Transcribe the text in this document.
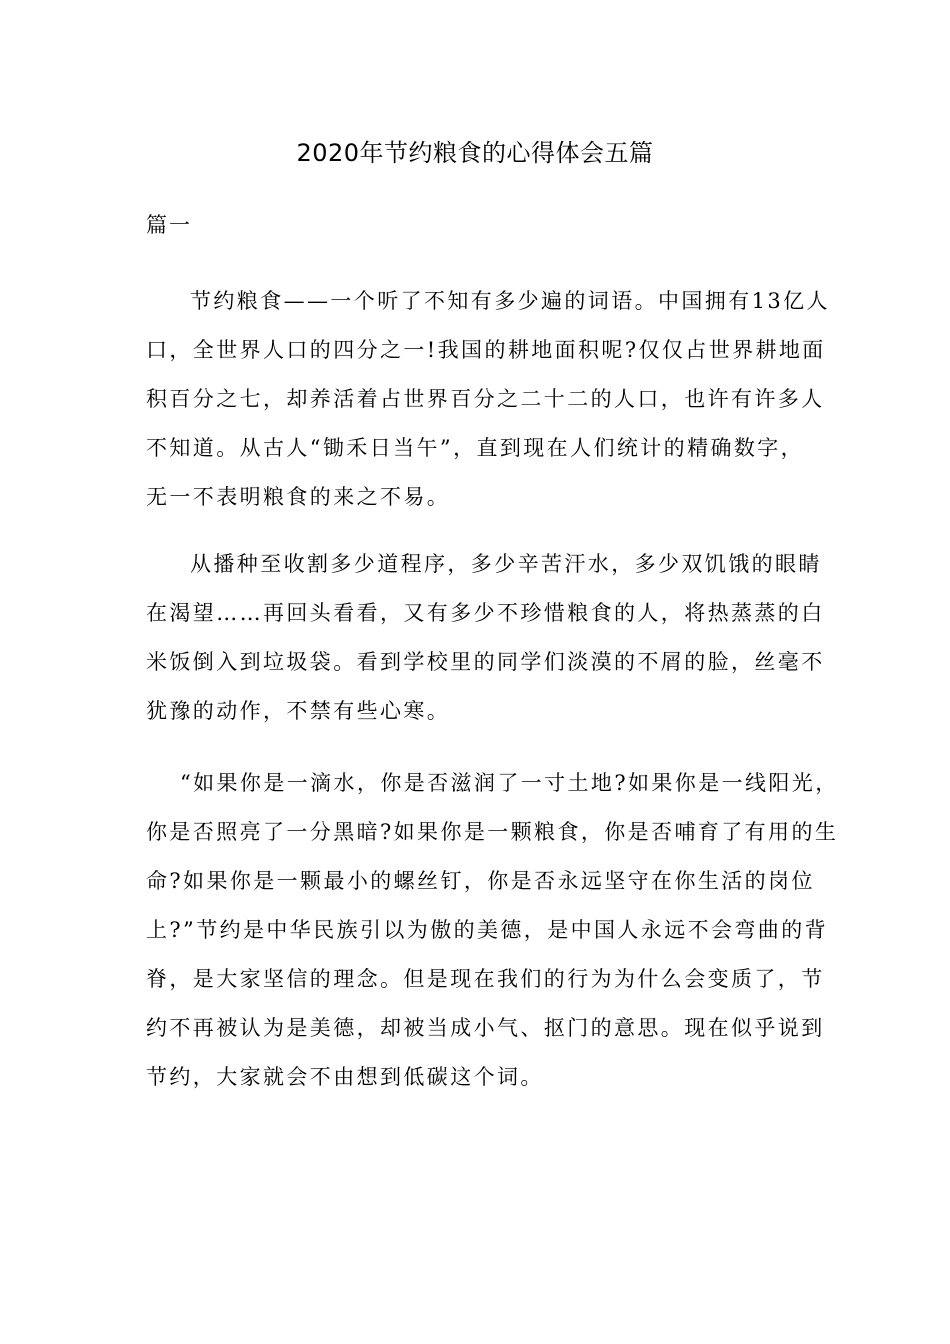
2020年节约粮食的心得体会五篇
篇一
节约粮食——一个听了不知有多少遍的词语。中国拥有13亿人
口，全世界人口的四分之一!我国的耕地面积呢?仅仅占世界耕地面
积百分之七，却养活着占世界百分之二十二的人口，也许有许多人
不知道。从古人“锄禾日当午”，直到现在人们统计的精确数字，
无一不表明粮食的来之不易。
从播种至收割多少道程序，多少辛苦汗水，多少双饥饿的眼睛
在渴望……再回头看看，又有多少不珍惜粮食的人，将热蒸蒸的白
米饭倒入到垃圾袋。看到学校里的同学们淡漠的不屑的脸，丝毫不
犹豫的动作，不禁有些心寒。
“如果你是一滴水，你是否滋润了一寸土地?如果你是一线阳光，
你是否照亮了一分黑暗?如果你是一颗粮食，你是否哺育了有用的生
命?如果你是一颗最小的螺丝钉，你是否永远坚守在你生活的岗位
上?”节约是中华民族引以为傲的美德，是中国人永远不会弯曲的背
脊，是大家坚信的理念。但是现在我们的行为为什么会变质了，节
约不再被认为是美德，却被当成小气、抠门的意思。现在似乎说到
节约，大家就会不由想到低碳这个词。
